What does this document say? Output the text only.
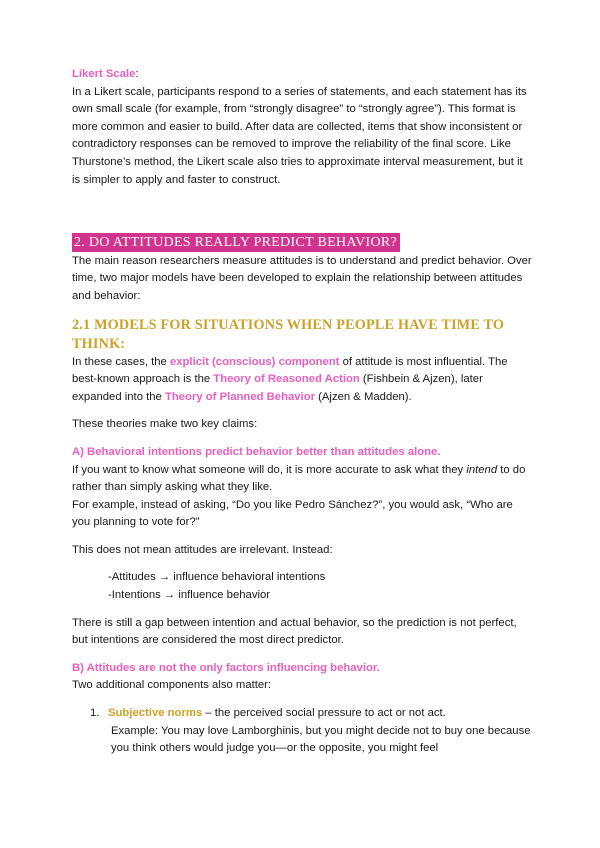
Likert Scale:
In a Likert scale, participants respond to a series of statements, and each statement has its own small scale (for example, from “strongly disagree” to “strongly agree”). This format is more common and easier to build. After data are collected, items that show inconsistent or contradictory responses can be removed to improve the reliability of the final score. Like Thurstone’s method, the Likert scale also tries to approximate interval measurement, but it is simpler to apply and faster to construct.

2. DO ATTITUDES REALLY PREDICT BEHAVIOR?

The main reason researchers measure attitudes is to understand and predict behavior. Over time, two major models have been developed to explain the relationship between attitudes and behavior:

2.1 MODELS FOR SITUATIONS WHEN PEOPLE HAVE TIME TO THINK:

In these cases, the explicit (conscious) component of attitude is most influential. The best-known approach is the Theory of Reasoned Action (Fishbein & Ajzen), later expanded into the Theory of Planned Behavior (Ajzen & Madden).

These theories make two key claims:

A) Behavioral intentions predict behavior better than attitudes alone.

If you want to know what someone will do, it is more accurate to ask what they intend to do rather than simply asking what they like.

For example, instead of asking, “Do you like Pedro Sánchez?”, you would ask, “Who are you planning to vote for?”

This does not mean attitudes are irrelevant. Instead:

-Attitudes → influence behavioral intentions

-Intentions → influence behavior

There is still a gap between intention and actual behavior, so the prediction is not perfect, but intentions are considered the most direct predictor.

B) Attitudes are not the only factors influencing behavior.

Two additional components also matter:

1. Subjective norms – the perceived social pressure to act or not act.

Example: You may love Lamborghinis, but you might decide not to buy one because you think others would judge you—or the opposite, you might feel
